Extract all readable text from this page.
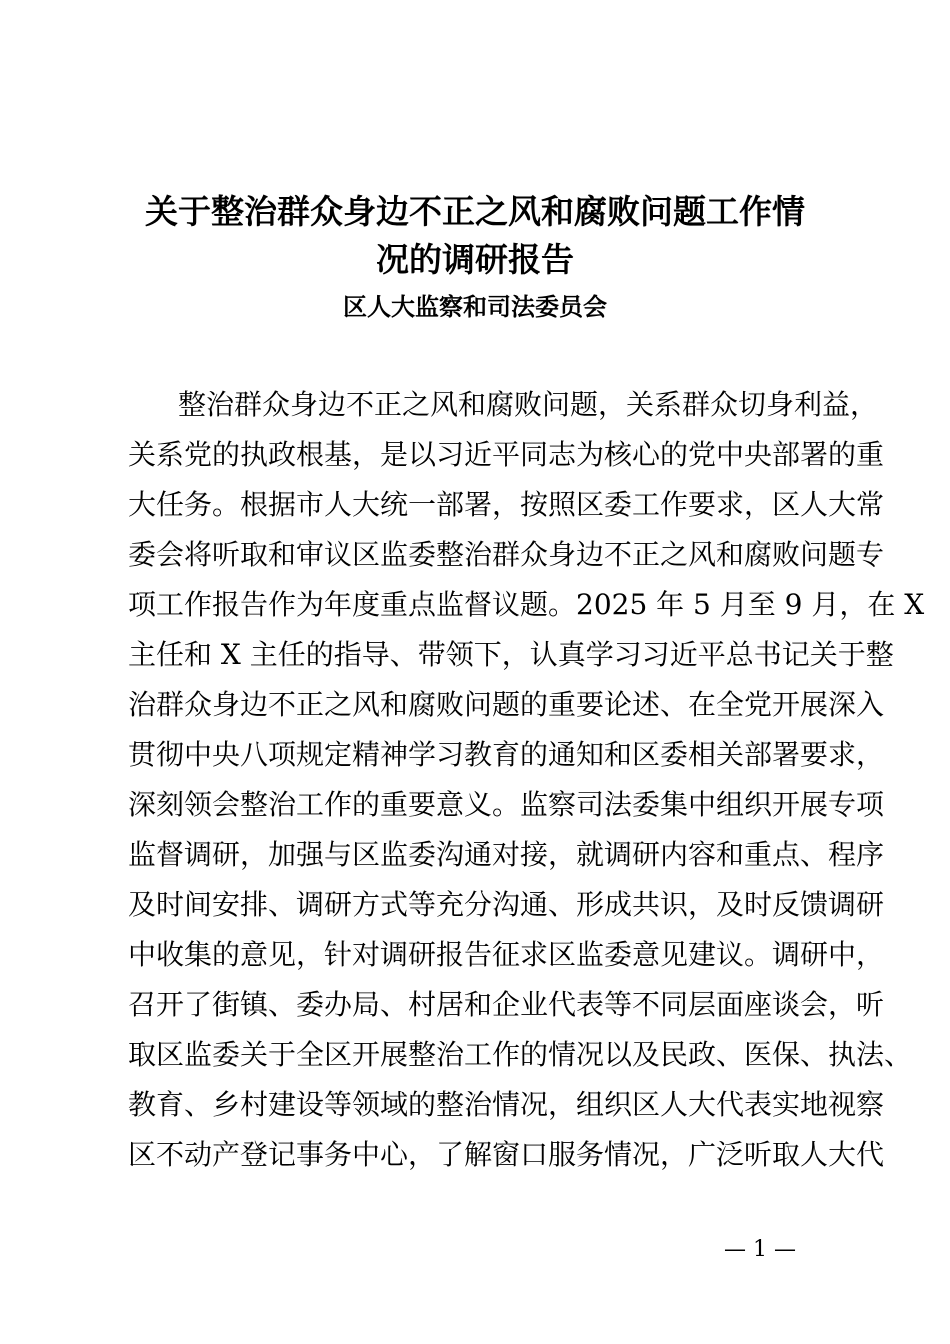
关于整治群众身边不正之风和腐败问题工作情
况的调研报告
区人大监察和司法委员会
整治群众身边不正之风和腐败问题，关系群众切身利益，
关系党的执政根基，是以习近平同志为核心的党中央部署的重
大任务。根据市人大统一部署，按照区委工作要求，区人大常
委会将听取和审议区监委整治群众身边不正之风和腐败问题专
项工作报告作为年度重点监督议题。2025 年 5 月至 9 月，在 X
主任和 X 主任的指导、带领下，认真学习习近平总书记关于整
治群众身边不正之风和腐败问题的重要论述、在全党开展深入
贯彻中央八项规定精神学习教育的通知和区委相关部署要求，
深刻领会整治工作的重要意义。监察司法委集中组织开展专项
监督调研，加强与区监委沟通对接，就调研内容和重点、程序
及时间安排、调研方式等充分沟通、形成共识，及时反馈调研
中收集的意见，针对调研报告征求区监委意见建议。调研中，
召开了街镇、委办局、村居和企业代表等不同层面座谈会，听
取区监委关于全区开展整治工作的情况以及民政、医保、执法、
教育、乡村建设等领域的整治情况，组织区人大代表实地视察
区不动产登记事务中心，了解窗口服务情况，广泛听取人大代
— 1 —
